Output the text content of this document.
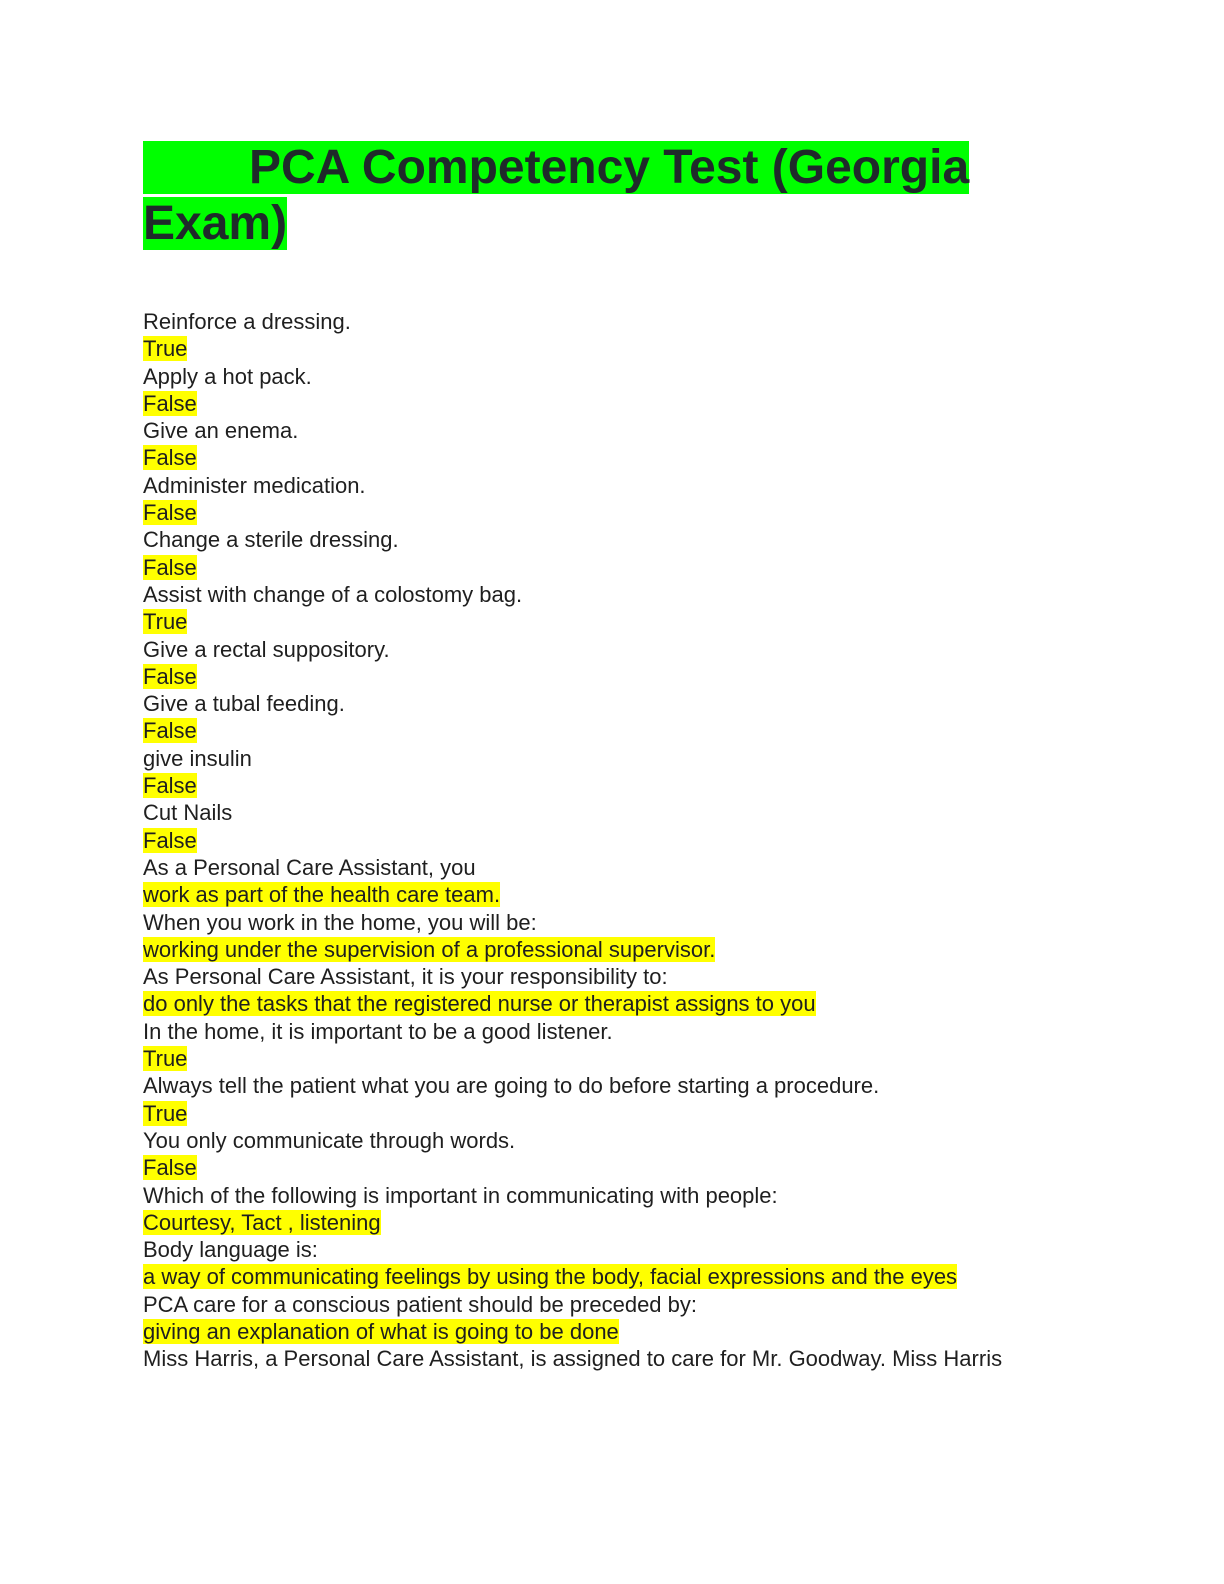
PCA Competency Test (Georgia Exam)
Reinforce a dressing.
True
Apply a hot pack.
False
Give an enema.
False
Administer medication.
False
Change a sterile dressing.
False
Assist with change of a colostomy bag.
True
Give a rectal suppository.
False
Give a tubal feeding.
False
give insulin
False
Cut Nails
False
As a Personal Care Assistant, you
work as part of the health care team.
When you work in the home, you will be:
working under the supervision of a professional supervisor.
As Personal Care Assistant, it is your responsibility to:
do only the tasks that the registered nurse or therapist assigns to you
In the home, it is important to be a good listener.
True
Always tell the patient what you are going to do before starting a procedure.
True
You only communicate through words.
False
Which of the following is important in communicating with people:
Courtesy, Tact , listening
Body language is:
a way of communicating feelings by using the body, facial expressions and the eyes
PCA care for a conscious patient should be preceded by:
giving an explanation of what is going to be done
Miss Harris, a Personal Care Assistant, is assigned to care for Mr. Goodway. Miss Harris
